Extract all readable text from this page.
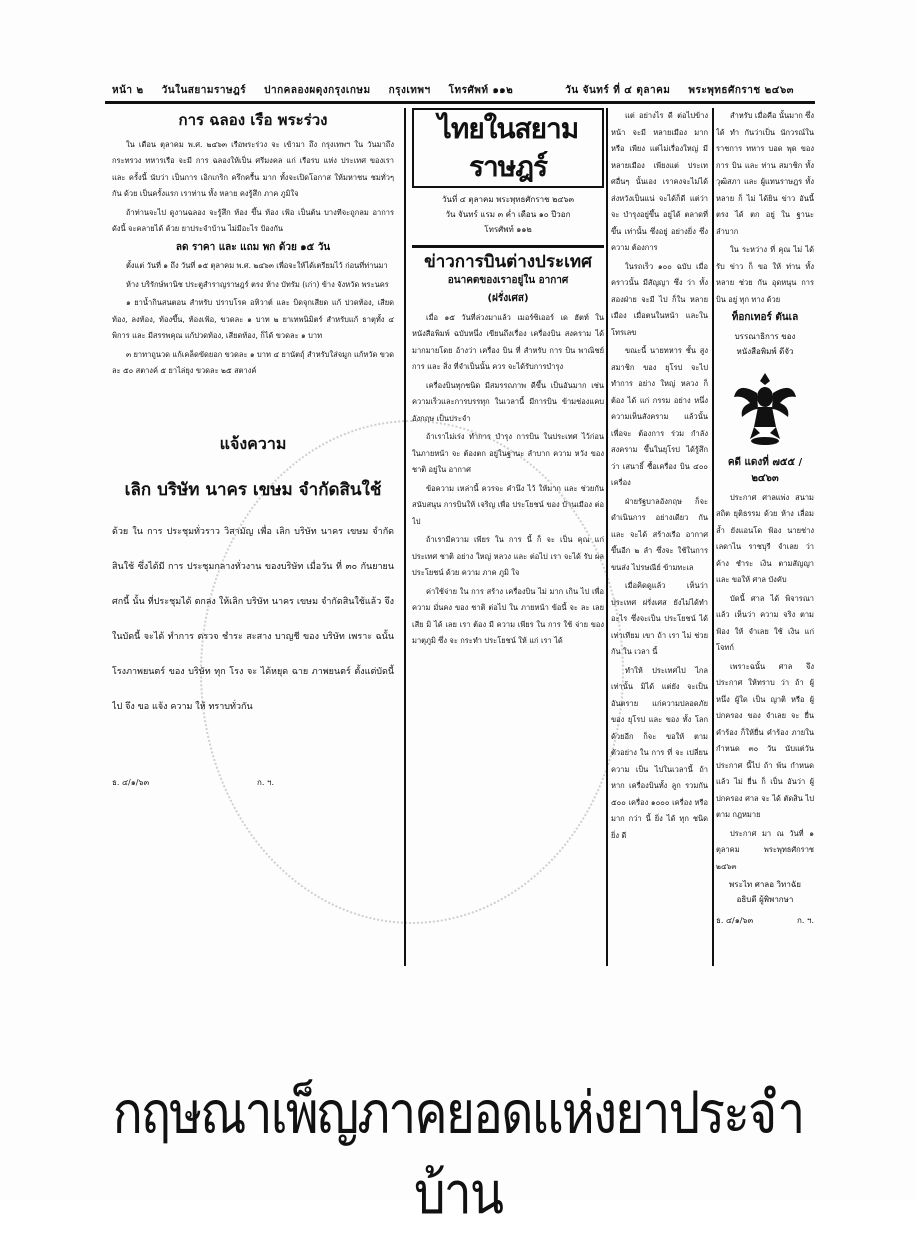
หน้า ๒ วันในสยามราษฎร์ ปากคลองผดุงกรุงเกษม กรุงเทพฯ โทรศัพท์ ๑๑๒	วัน จันทร์ ที่ ๔ ตุลาคม พระพุทธศักราช ๒๔๖๓
การ ฉลอง เรือ พระร่วง

ใน เดือน ตุลาคม พ.ศ. ๒๔๖๓ เรือพระร่วง จะ เข้ามา ถึง กรุงเทพฯ ใน วันมาถึง กระทรวง ทหารเรือ จะมี การ ฉลองให้เป็น ศรีมงคล แก่ เรือรบ แห่ง ประเทศ ของเรา และ ครั้งนี้ นับว่า เป็นการ เอิกเกริก ครึกครื้น มาก ทั้งจะเปิดโอกาส ให้มหาชน ชมทั่วๆ กัน ด้วย เป็นครั้งแรก เราท่าน ทั้ง หลาย คงรู้สึก ภาค ภูมิใจ

ถ้าท่านจะไป ดูงานฉลอง จะรู้สึก ท้อง ขึ้น ท้อง เฟ้อ เป็นต้น บางทีจะถูกลม อาการ ดังนี้ จะคลายได้ ด้วย ยาประจำบ้าน ไม่มีอะไร ป้องกัน

ลด ราคา และ แถม พก ด้วย ๑๕ วัน

ตั้งแต่ วันที่ ๑ ถึง วันที่ ๑๕ ตุลาคม พ.ศ. ๒๔๖๓ เพื่อจะให้ได้เตรียมไว้ ก่อนที่ท่านมา

ห้าง บริรักษ์พานิช ประตูสำราญราษฎร์ ตรง ห้าง บัทรัม (เก่า) ข้าง จังหวัด พระนคร

๑ ยาน้ำกินสนตอน สำหรับ ปราบโรค อหิวาต์ และ บิดจุกเสียด แก้ ปวดท้อง, เสียดท้อง, ลงท้อง, ท้องขึ้น, ท้องเฟ้อ, ขวดละ ๑ บาท ๒ ยาเทพนิมิตร์ สำหรับแก้ ธาตุทั้ง ๔ พิการ และ มีสรรพคุณ แก้ปวดท้อง, เสียดท้อง, ก็ได้ ขวดละ ๑ บาท

๓ ยาทาถูนวด แก้เคล็ดขัดยอก ขวดละ ๑ บาท ๔ ยานัตถุ์ สำหรับใส่จมูก แก้หวัด ขวดละ ๕๐ สตางค์ ๕ ยาไล่ยุง ขวดละ ๒๕ สตางค์

แจ้งความ
เลิก บริษัท นาคร เขษม จำกัดสินใช้
ด้วย ใน การ ประชุมทั่วราว วิสามัญ เพื่อ เลิก บริษัท นาคร เขษม จำกัดสินใช้ ซึ่งได้มี การ ประชุมกลางทั่วงาน ของบริษัท เมื่อวัน ที่ ๓๐ กันยายน ศกนี้ นั้น ที่ประชุมได้ ตกลง ให้เลิก บริษัท นาคร เขษม จำกัดสินใช้แล้ว จึงในบัดนี้ จะได้ ทำการ ตรวจ ชำระ สะสาง บาญชี ของ บริษัท เพราะ ฉนั้น โรงภาพยนตร์ ของ บริษัท ทุก โรง จะ ได้หยุด ฉาย ภาพยนตร์ ตั้งแต่บัดนี้ไป จึง ขอ แจ้ง ความ ให้ ทราบทั่วกัน
ธ. ๔/๑/๖๓	ก. ฯ.
ไทยในสยามราษฎร์
วันที่ ๔ ตุลาคม พระพุทธศักราช ๒๔๖๓
วัน จันทร์ แรม ๓ ค่ำ เดือน ๑๐ ปีวอก
โทรศัพท์ ๑๑๒
ข่าวการบินต่างประเทศ
อนาคตของเราอยู่ใน อากาศ
(ฝรั่งเศส)

เมื่อ ๑๕ วันที่ล่วงมาแล้ว เมอร์ซิเออร์ เด ฮัตท์ ใน หนังสือพิมพ์ ฉบับหนึ่ง เขียนถึงเรื่อง เครื่องบิน สงคราม ได้มากมายโดย อ้างว่า เครื่อง บิน ที่ สำหรับ การ บิน พาณิชย์ การ และ สิ่ง ที่จำเป็นนั้น ควร จะได้รับการบำรุง

เครื่องบินทุกชนิด มีสมรรถภาพ ดีขึ้น เป็นอันมาก เช่น ความเร็วและการบรรทุก ในเวลานี้ มีการบิน ข้ามช่องแคบ อังกฤษ เป็นประจำ

ถ้าเราไม่เร่ง ทำการ บำรุง การบิน ในประเทศ ไว้ก่อน ในภายหน้า จะ ต้องตก อยู่ในฐานะ ลำบาก ความ หวัง ของ ชาติ อยู่ใน อากาศ

ข้อความ เหล่านี้ ควรจะ คำนึง ไว้ ให้มาก และ ช่วยกัน สนับสนุน การบินให้ เจริญ เพื่อ ประโยชน์ ของ บ้านเมือง ต่อไป

ถ้าเรามีความ เพียร ใน การ นี้ ก็ จะ เป็น คุณ แก่ ประเทศ ชาติ อย่าง ใหญ่ หลวง และ ต่อไป เรา จะได้ รับ ผล ประโยชน์ ด้วย ความ ภาค ภูมิ ใจ

ค่าใช้จ่าย ใน การ สร้าง เครื่องบิน ไม่ มาก เกิน ไป เพื่อ ความ มั่นคง ของ ชาติ ต่อไป ใน ภายหน้า ข้อนี้ จะ ละ เลย เสีย มิ ได้ เลย เรา ต้อง มี ความ เพียร ใน การ ใช้ จ่าย ของ มาตุภูมิ ซึ่ง จะ กระทำ ประโยชน์ ให้ แก่ เรา ได้

แต่ อย่างไร ดี ต่อไปข้างหน้า จะมี หลายเมือง มาก หรือ เพียง แต่ไม่เรื่องใหญ่ มีหลายเมือง เพียงแต่ ประเทศอื่นๆ นั้นเอง เราคงจะไม่ได้ ส่งหวังเป็นแน่ จะได้ก็ดี แต่ว่าจะ บำรุงอยู่ขึ้น อยู่ได้ ตลาดที่ขึ้น เท่านั้น ซึ่งอยู่ อย่างยิ่ง ซึ่ง ความ ต้องการ

ในรถเร็ว ๑๐๐ ฉบับ เมื่อคราวนั้น มีสัญญา ซึ่ง ว่า ทั้งสองฝ่าย จะมี ไป ก็ใน หลายเมือง เมื่อตนในหน้า และในโทรเลข

ขณะนี้ นายทหาร ชั้น สูง สมาชิก ของ ยุโรป จะไป ทำการ อย่าง ใหญ่ หลวง ก็ต้อง ได้ แก่ กรรม อย่าง หนึ่ง ความเห็นสังคราม แล้วนั้น เพื่อจะ ต้องการ ร่วม กำลัง สงคราม ขึ้นในยุโรป ได้รู้สึกว่า เสนาธิ์ ซื้อเครื่อง บิน ๔๐๐ เครื่อง

ฝ่ายรัฐบาลอังกฤษ ก็จะ ดำเนินการ อย่างเดียว กัน และ จะได้ สร้างเรือ อากาศ ขึ้นอีก ๒ ลำ ซึ่งจะ ใช้ในการ ขนส่ง ไปรษณีย์ ข้ามทะเล

เมื่อคิดดูแล้ว เห็นว่า ประเทศ ฝรั่งเศส ยังไม่ได้ทำอะไร ซึ่งจะเป็น ประโยชน์ ได้ เท่าเทียม เขา ถ้า เรา ไม่ ช่วย กัน ใน เวลา นี้

ทำให้ ประเทศไป ไกลเท่านั้น มิได้ แต่ยัง จะเป็นอันตราย แก่ความปลอดภัย ของ ยุโรป และ ของ ทั้ง โลก ด้วยอีก ก็จะ ขอให้ ตาม ตัวอย่าง ใน การ ที่ จะ เปลี่ยน ความ เป็น ไปในเวลานี้ ถ้าหาก เครื่องบินทั้ง ลูก รวมกัน ๕๐๐ เครื่อง ๑๐๐๐ เครื่อง หรือ มาก กว่า นี้ ยิ่ง ได้ ทุก ชนิด ยิ่ง ดี

สำหรับ เมื่อคือ นั้นมาก ซึ่ง ได้ ทำ กันว่าเป็น นักวรณ์ในราชการ ทหาร บอด พุด ของ การ บิน และ ท่าน สมาชิก ทั้ง วุฒิสภา และ ผู้แทนราษฎร ทั้ง หลาย ก็ ไม่ ได้ยิน ข่าว อันนี้ ตรง ได้ ตก อยู่ ใน ฐานะ ลำบาก

ใน ระหว่าง ที่ คุณ ไม่ ได้ รับ ข่าว ก็ ขอ ให้ ท่าน ทั้ง หลาย ช่วย กัน อุดหนุน การ บิน อยู่ ทุก ทาง ด้วย

ท็อกเทอร์ ตันเล
บรรณาธิการ ของ หนังสือพิมพ์ ดีจัว
คดี แดงที่ ๗๕๕ / ๒๔๖๓

ประกาศ ศาลแพ่ง สนาม สถิต ยุติธรรม ด้วย ห้าง เลื่อมล้ำ ยังแอนโด ฟ้อง นายช่าง เลดาไน ราชบุรี จำเลย ว่า ค้าง ชำระ เงิน ตามสัญญา และ ขอให้ ศาล บังคับ

บัดนี้ ศาล ได้ พิจารณา แล้ว เห็นว่า ความ จริง ตาม ฟ้อง ให้ จำเลย ใช้ เงิน แก่ โจทก์

เพราะฉนั้น ศาล จึงประกาศ ให้ทราบ ว่า ถ้า ผู้ หนึ่ง ผู้ใด เป็น ญาติ หรือ ผู้ ปกครอง ของ จำเลย จะ ยื่น คำร้อง ก็ให้ยื่น คำร้อง ภายใน กำหนด ๓๐ วัน นับแต่วัน ประกาศ นี้ไป ถ้า พ้น กำหนด แล้ว ไม่ ยื่น ก็ เป็น อันว่า ผู้ปกครอง ศาล จะ ได้ ตัดสิน ไป ตาม กฎหมาย

ประกาศ มา ณ วันที่ ๑ ตุลาคม พระพุทธศักราช ๒๔๖๓

พระไท ศาลอ วิทาฉัย
อธิบดี ผู้พิพากษา
ธ. ๔/๑/๖๓	ก. ฯ.
กฤษณาเพ็ญภาคยอดแห่งยาประจำบ้าน
